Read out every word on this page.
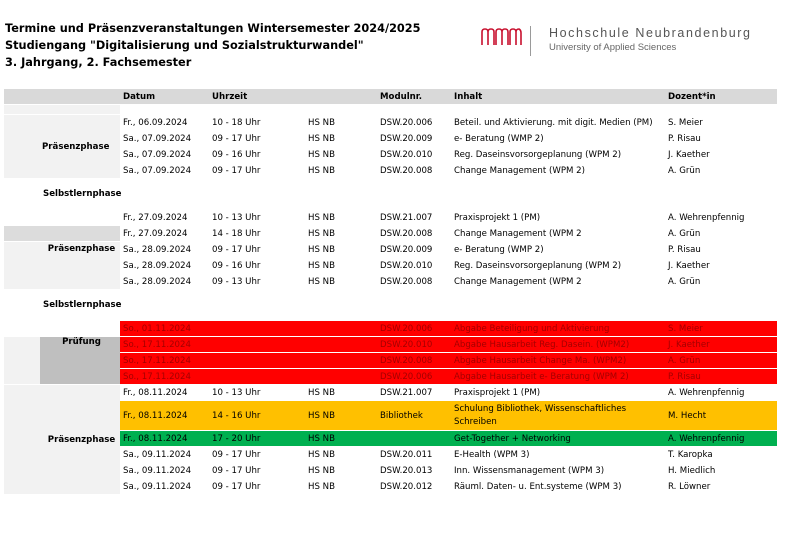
Termine und Präsenzveranstaltungen Wintersemester 2024/2025
Studiengang "Digitalisierung und Sozialstrukturwandel"
3. Jahrgang, 2. Fachsemester
Hochschule Neubrandenburg
University of Applied Sciences
		Datum	Uhrzeit		Modulnr.	Inhalt	Dozent*in

	Präsenzphase	Fr., 06.09.2024	10 - 18 Uhr	HS NB	DSW.20.006	Beteil. und Aktivierung. mit digit. Medien (PM)	S. Meier
		Sa., 07.09.2024	09 - 17 Uhr	HS NB	DSW.20.009	e- Beratung (WMP 2)	P. Risau
		Sa., 07.09.2024	09 - 16 Uhr	HS NB	DSW.20.010	Reg. Daseinsvorsorgeplanung (WPM 2)	J. Kaether
		Sa., 07.09.2024	09 - 17 Uhr	HS NB	DSW.20.008	Change Management (WPM 2)	A. Grün
	Selbstlernphase						
		Fr., 27.09.2024	10 - 13 Uhr	HS NB	DSW.21.007	Praxisprojekt 1 (PM)	A. Wehrenpfennig
		Fr., 27.09.2024	14 - 18 Uhr	HS NB	DSW.20.008	Change Management (WPM 2	A. Grün
	Präsenzphase	Sa., 28.09.2024	09 - 17 Uhr	HS NB	DSW.20.009	e- Beratung (WMP 2)	P. Risau
		Sa., 28.09.2024	09 - 16 Uhr	HS NB	DSW.20.010	Reg. Daseinsvorsorgeplanung (WPM 2)	J. Kaether
		Sa., 28.09.2024	09 - 13 Uhr	HS NB	DSW.20.008	Change Management (WPM 2	A. Grün
	Selbstlernphase						
		So., 01.11.2024			DSW.20.006	Abgabe Beteiligung und Aktivierung	S. Meier
	Prüfung	So., 17.11.2024			DSW.20.010	Abgabe Hausarbeit Reg. Dasein. (WPM2)	J. Kaether
		So., 17.11.2024			DSW.20.008	Abgabe Hausarbeit Change Ma. (WPM2)	A. Grün
		So., 17.11.2024			DSW.20.006	Abgabe Hausarbeit e- Beratung (WPM 2)	P. Risau
	Präsenzphase	Fr., 08.11.2024	10 - 13 Uhr	HS NB	DSW.21.007	Praxisprojekt 1 (PM)	A. Wehrenpfennig
		Fr., 08.11.2024	14 - 16 Uhr	HS NB	Bibliothek	Schulung Bibliothek, Wissenschaftliches Schreiben	M. Hecht
		Fr., 08.11.2024	17 - 20 Uhr	HS NB		Get-Together + Networking	A. Wehrenpfennig
		Sa., 09.11.2024	09 - 17 Uhr	HS NB	DSW.20.011	E-Health (WPM 3)	T. Karopka
		Sa., 09.11.2024	09 - 17 Uhr	HS NB	DSW.20.013	Inn. Wissensmanagement (WPM 3)	H. Miedlich
		Sa., 09.11.2024	09 - 17 Uhr	HS NB	DSW.20.012	Räuml. Daten- u. Ent.systeme (WPM 3)	R. Löwner
